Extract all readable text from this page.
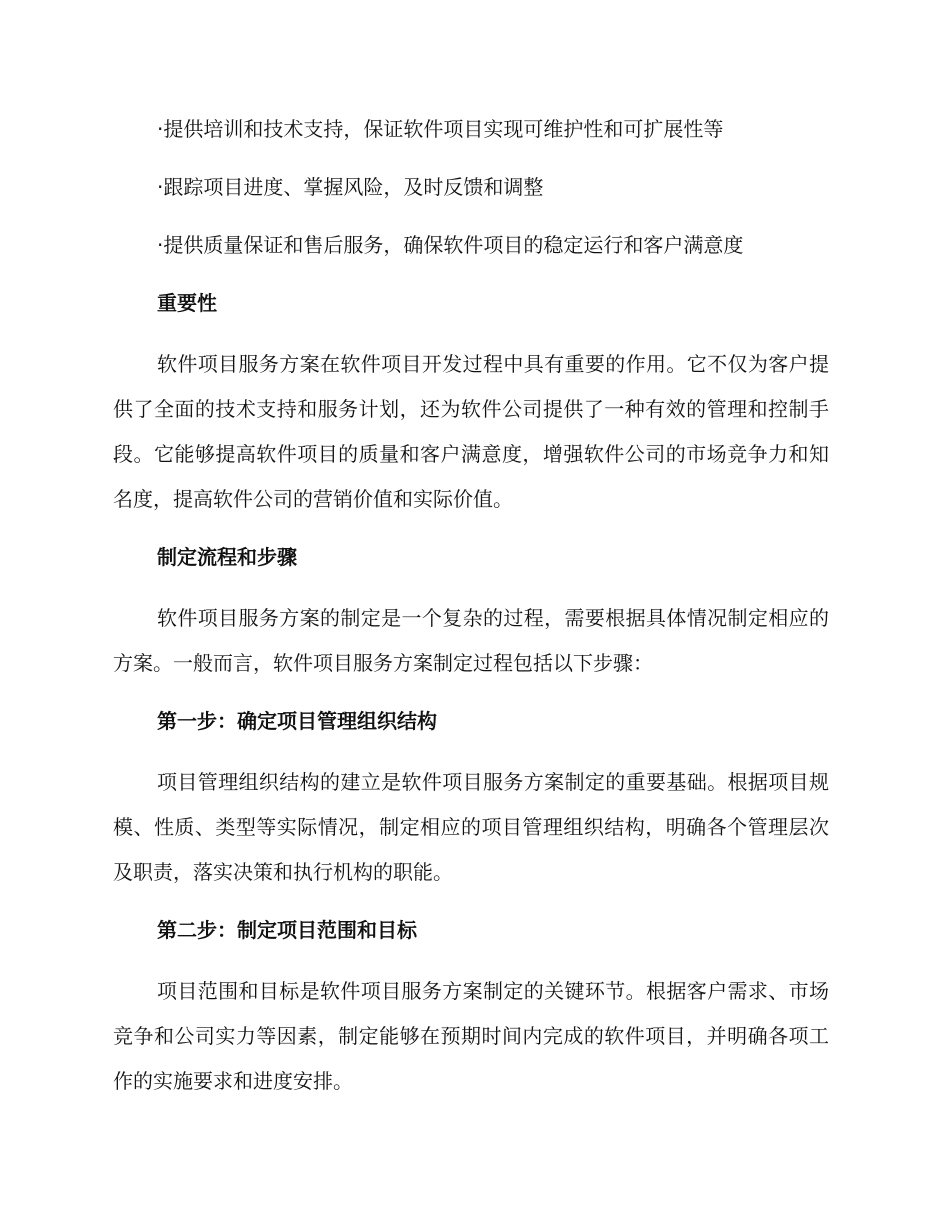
·提供培训和技术支持，保证软件项目实现可维护性和可扩展性等
·跟踪项目进度、掌握风险，及时反馈和调整
·提供质量保证和售后服务，确保软件项目的稳定运行和客户满意度
重要性
软件项目服务方案在软件项目开发过程中具有重要的作用。它不仅为客户提供了全面的技术支持和服务计划，还为软件公司提供了一种有效的管理和控制手段。它能够提高软件项目的质量和客户满意度，增强软件公司的市场竞争力和知名度，提高软件公司的营销价值和实际价值。
制定流程和步骤
软件项目服务方案的制定是一个复杂的过程，需要根据具体情况制定相应的方案。一般而言，软件项目服务方案制定过程包括以下步骤：
第一步：确定项目管理组织结构
项目管理组织结构的建立是软件项目服务方案制定的重要基础。根据项目规模、性质、类型等实际情况，制定相应的项目管理组织结构，明确各个管理层次及职责，落实决策和执行机构的职能。
第二步：制定项目范围和目标
项目范围和目标是软件项目服务方案制定的关键环节。根据客户需求、市场竞争和公司实力等因素，制定能够在预期时间内完成的软件项目，并明确各项工作的实施要求和进度安排。
